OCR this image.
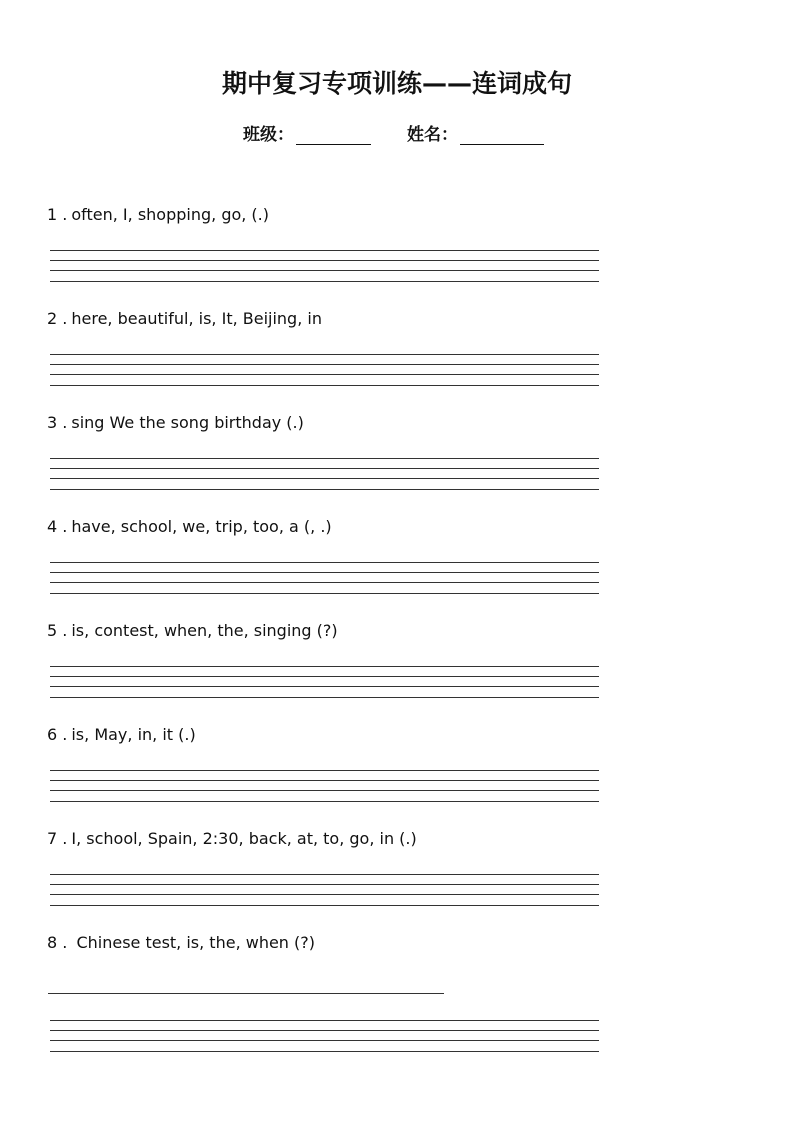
期中复习专项训练——连词成句
班级：	姓名：
1 . often, I, shopping, go, (.)
2 . here, beautiful, is, It, Beijing, in
3 . sing We the song birthday (.)
4 . have, school, we, trip, too, a (, .)
5 . is, contest, when, the, singing (?)
6 . is, May, in, it (.)
7 . I, school, Spain, 2:30, back, at, to, go, in (.)
8 . Chinese test, is, the, when (?)
